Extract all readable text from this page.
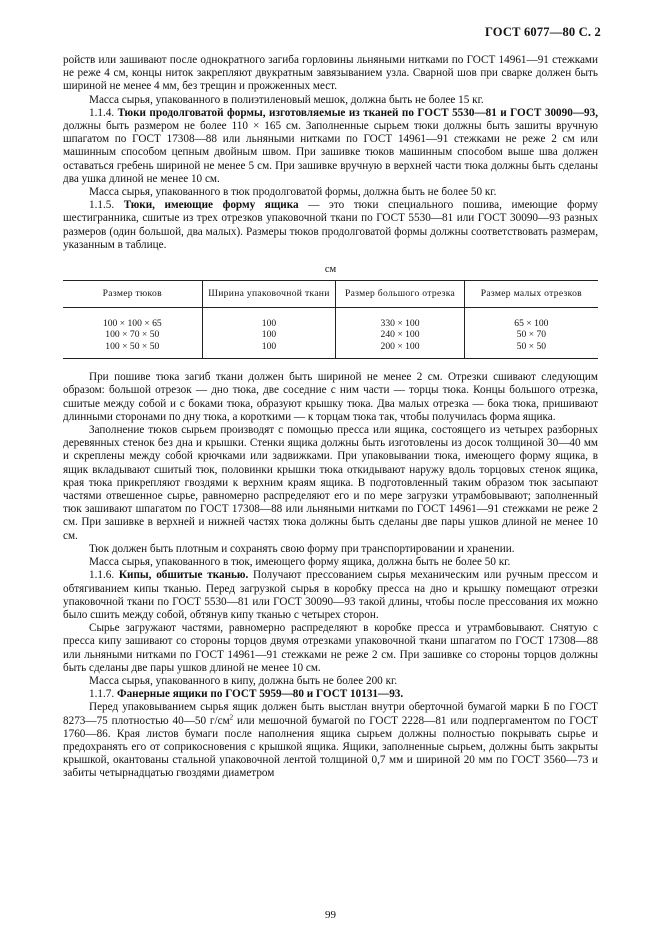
ГОСТ 6077—80 С. 2

ройств или зашивают после однократного загиба горловины льняными нитками по ГОСТ 14961—91 стежками не реже 4 см, концы ниток закрепляют двукратным завязыванием узла. Сварной шов при сварке должен быть шириной не менее 4 мм, без трещин и прожженных мест.

Масса сырья, упакованного в полиэтиленовый мешок, должна быть не более 15 кг.

1.1.4. Тюки продолговатой формы, изготовляемые из тканей по ГОСТ 5530—81 и ГОСТ 30090—93, должны быть размером не более 110 × 165 см. Заполненные сырьем тюки должны быть зашиты вручную шпагатом по ГОСТ 17308—88 или льняными нитками по ГОСТ 14961—91 стежками не реже 2 см или машинным способом цепным двойным швом. При зашивке тюков машинным способом выше шва должен оставаться гребень шириной не менее 5 см. При зашивке вручную в верхней части тюка должны быть сделаны два ушка длиной не менее 10 см.

Масса сырья, упакованного в тюк продолговатой формы, должна быть не более 50 кг.

1.1.5. Тюки, имеющие форму ящика — это тюки специального пошива, имеющие форму шестигранника, сшитые из трех отрезков упаковочной ткани по ГОСТ 5530—81 или ГОСТ 30090—93 разных размеров (один большой, два малых). Размеры тюков продолговатой формы должны соответствовать размерам, указанным в таблице.

см
Размер тюков	Ширина упаковочной ткани	Размер большого отрезка	Размер малых отрезков
100 × 100 × 65	100	330 × 100	65 × 100
100 × 70 × 50	100	240 × 100	50 × 70
100 × 50 × 50	100	200 × 100	50 × 50

При пошиве тюка загиб ткани должен быть шириной не менее 2 см. Отрезки сшивают следующим образом: большой отрезок — дно тюка, две соседние с ним части — торцы тюка. Концы большого отрезка, сшитые между собой и с боками тюка, образуют крышку тюка. Два малых отрезка — бока тюка, пришивают длинными сторонами по дну тюка, а короткими — к торцам тюка так, чтобы получилась форма ящика.

Заполнение тюков сырьем производят с помощью пресса или ящика, состоящего из четырех разборных деревянных стенок без дна и крышки. Стенки ящика должны быть изготовлены из досок толщиной 30—40 мм и скреплены между собой крючками или задвижками. При упаковывании тюка, имеющего форму ящика, в ящик вкладывают сшитый тюк, половинки крышки тюка откидывают наружу вдоль торцовых стенок ящика, края тюка прикрепляют гвоздями к верхним краям ящика. В подготовленный таким образом тюк засыпают частями отвешенное сырье, равномерно распределяют его и по мере загрузки утрамбовывают; заполненный тюк зашивают шпагатом по ГОСТ 17308—88 или льняными нитками по ГОСТ 14961—91 стежками не реже 2 см. При зашивке в верхней и нижней частях тюка должны быть сделаны две пары ушков длиной не менее 10 см.

Тюк должен быть плотным и сохранять свою форму при транспортировании и хранении.

Масса сырья, упакованного в тюк, имеющего форму ящика, должна быть не более 50 кг.

1.1.6. Кипы, обшитые тканью. Получают прессованием сырья механическим или ручным прессом и обтягиванием кипы тканью. Перед загрузкой сырья в коробку пресса на дно и крышку помещают отрезки упаковочной ткани по ГОСТ 5530—81 или ГОСТ 30090—93 такой длины, чтобы после прессования их можно было сшить между собой, обтянув кипу тканью с четырех сторон.

Сырье загружают частями, равномерно распределяют в коробке пресса и утрамбовывают. Снятую с пресса кипу зашивают со стороны торцов двумя отрезками упаковочной ткани шпагатом по ГОСТ 17308—88 или льняными нитками по ГОСТ 14961—91 стежками не реже 2 см. При зашивке со стороны торцов должны быть сделаны две пары ушков длиной не менее 10 см.

Масса сырья, упакованного в кипу, должна быть не более 200 кг.

1.1.7. Фанерные ящики по ГОСТ 5959—80 и ГОСТ 10131—93.

Перед упаковыванием сырья ящик должен быть выстлан внутри оберточной бумагой марки Б по ГОСТ 8273—75 плотностью 40—50 $г/см^2$ или мешочной бумагой по ГОСТ 2228—81 или подпергаментом по ГОСТ 1760—86. Края листов бумаги после наполнения ящика сырьем должны полностью покрывать сырье и предохранять его от соприкосновения с крышкой ящика. Ящики, заполненные сырьем, должны быть закрыты крышкой, окантованы стальной упаковочной лентой толщиной 0,7 мм и шириной 20 мм по ГОСТ 3560—73 и забиты четырнадцатью гвоздями диаметром

99
